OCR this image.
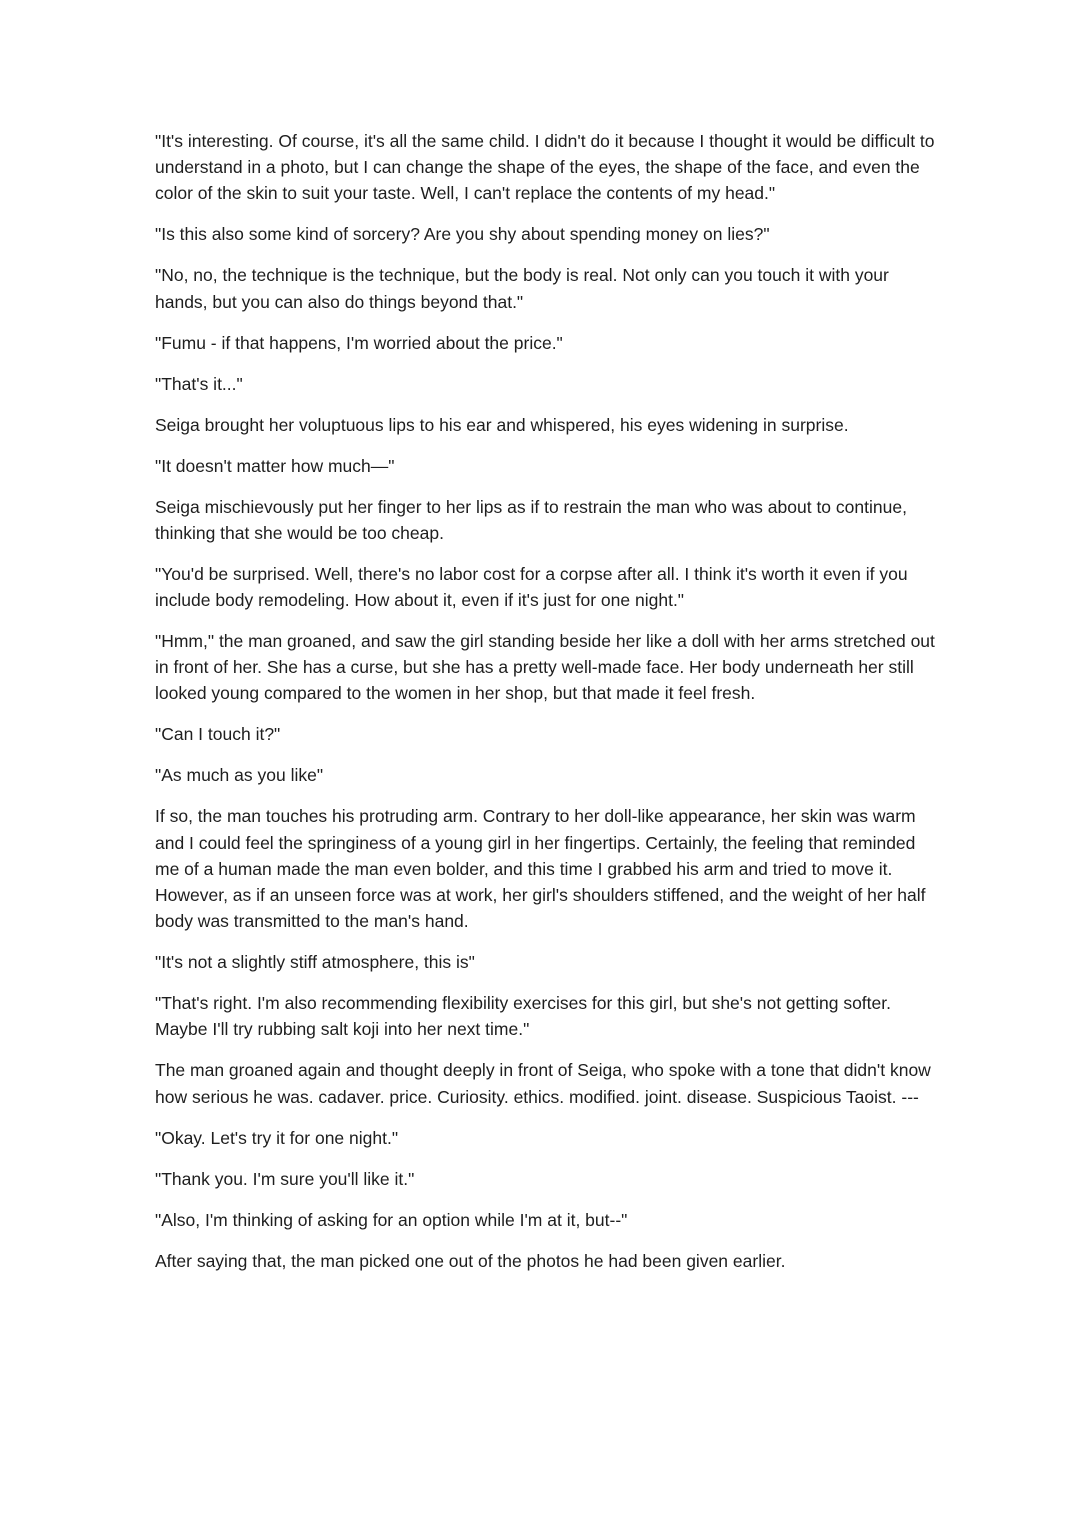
"It's interesting. Of course, it's all the same child. I didn't do it because I thought it would be difficult to understand in a photo, but I can change the shape of the eyes, the shape of the face, and even the color of the skin to suit your taste. Well, I can't replace the contents of my head."

"Is this also some kind of sorcery? Are you shy about spending money on lies?"

"No, no, the technique is the technique, but the body is real. Not only can you touch it with your hands, but you can also do things beyond that."

"Fumu - if that happens, I'm worried about the price."

"That's it..."

Seiga brought her voluptuous lips to his ear and whispered, his eyes widening in surprise.

"It doesn't matter how much—"

Seiga mischievously put her finger to her lips as if to restrain the man who was about to continue, thinking that she would be too cheap.

"You'd be surprised. Well, there's no labor cost for a corpse after all. I think it's worth it even if you include body remodeling. How about it, even if it's just for one night."

"Hmm," the man groaned, and saw the girl standing beside her like a doll with her arms stretched out in front of her. She has a curse, but she has a pretty well-made face. Her body underneath her still looked young compared to the women in her shop, but that made it feel fresh.

"Can I touch it?"

"As much as you like"

If so, the man touches his protruding arm. Contrary to her doll-like appearance, her skin was warm and I could feel the springiness of a young girl in her fingertips. Certainly, the feeling that reminded me of a human made the man even bolder, and this time I grabbed his arm and tried to move it. However, as if an unseen force was at work, her girl's shoulders stiffened, and the weight of her half body was transmitted to the man's hand.

"It's not a slightly stiff atmosphere, this is"

"That's right. I'm also recommending flexibility exercises for this girl, but she's not getting softer. Maybe I'll try rubbing salt koji into her next time."

The man groaned again and thought deeply in front of Seiga, who spoke with a tone that didn't know how serious he was. cadaver. price. Curiosity. ethics. modified. joint. disease. Suspicious Taoist. ---

"Okay. Let's try it for one night."

"Thank you. I'm sure you'll like it."

"Also, I'm thinking of asking for an option while I'm at it, but--"

After saying that, the man picked one out of the photos he had been given earlier.
